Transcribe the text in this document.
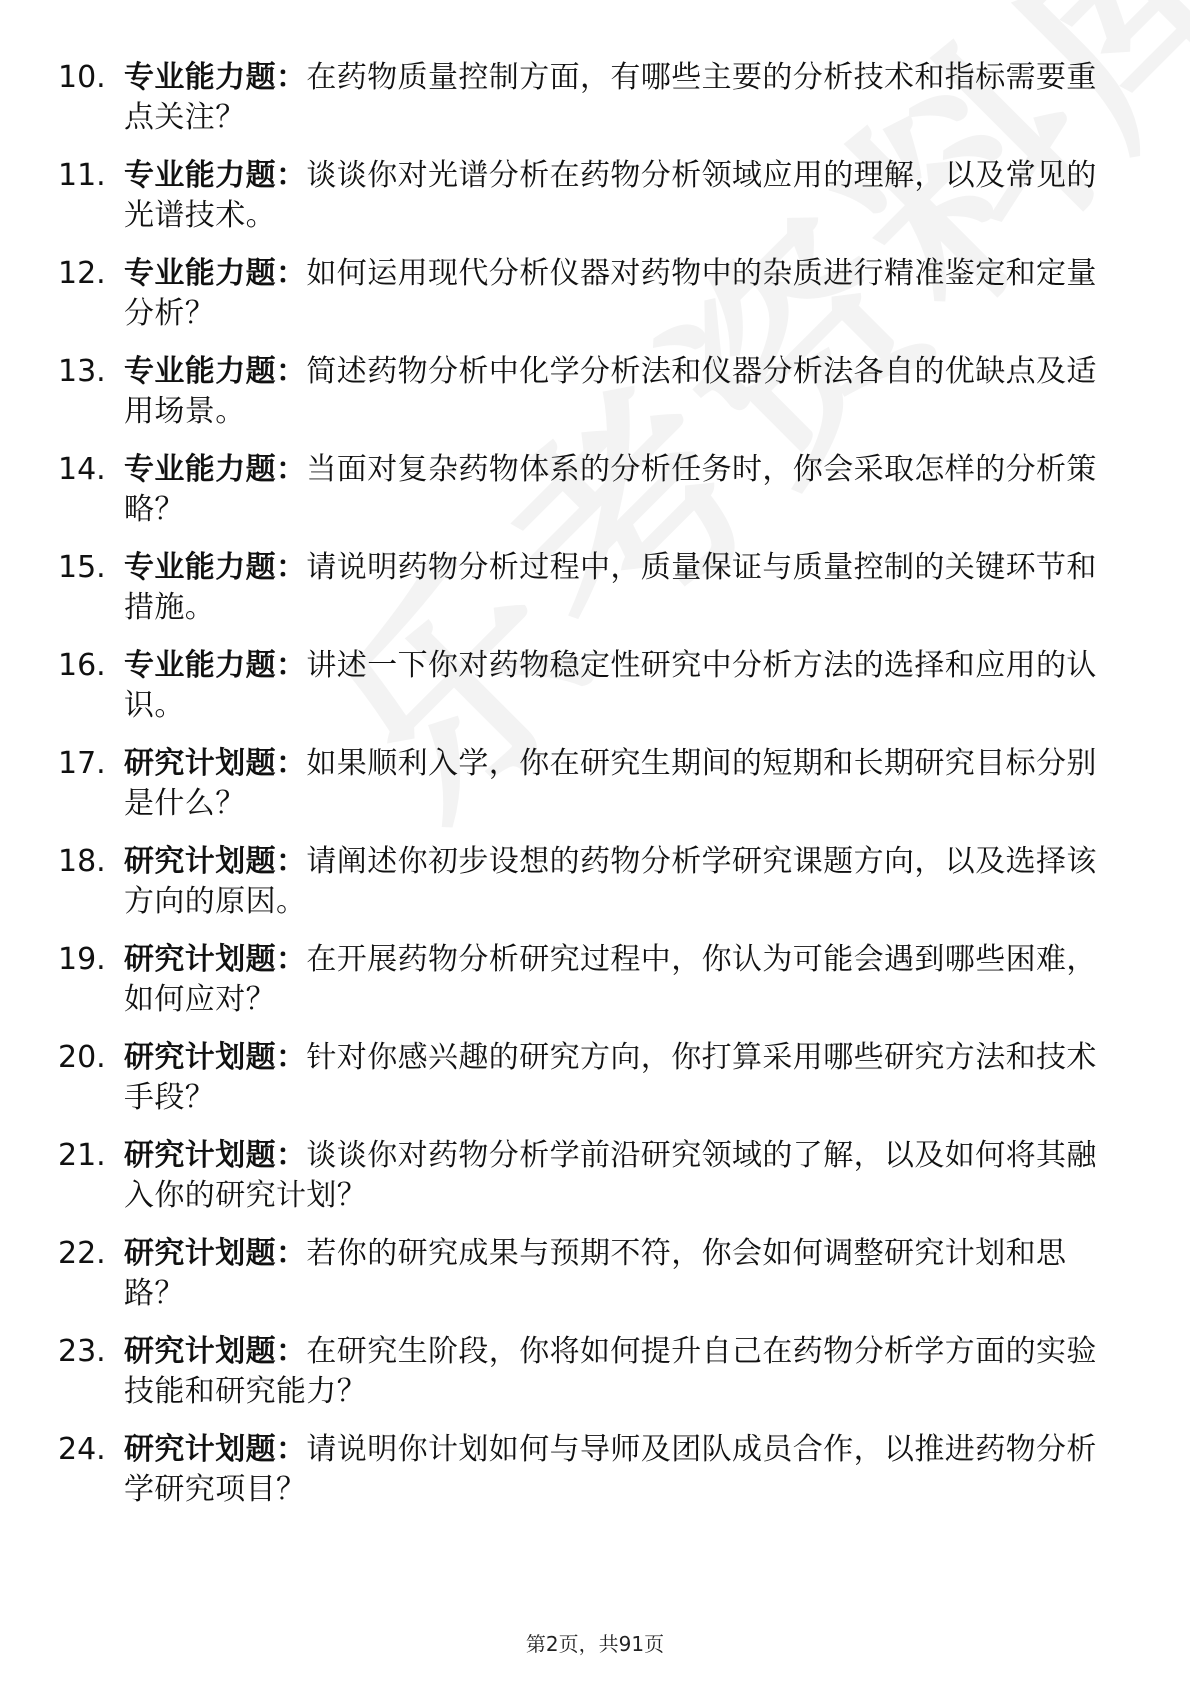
10. 专业能力题：在药物质量控制方面，有哪些主要的分析技术和指标需要重点关注？
11. 专业能力题：谈谈你对光谱分析在药物分析领域应用的理解，以及常见的光谱技术。
12. 专业能力题：如何运用现代分析仪器对药物中的杂质进行精准鉴定和定量分析？
13. 专业能力题：简述药物分析中化学分析法和仪器分析法各自的优缺点及适用场景。
14. 专业能力题：当面对复杂药物体系的分析任务时，你会采取怎样的分析策略？
15. 专业能力题：请说明药物分析过程中，质量保证与质量控制的关键环节和措施。
16. 专业能力题：讲述一下你对药物稳定性研究中分析方法的选择和应用的认识。
17. 研究计划题：如果顺利入学，你在研究生期间的短期和长期研究目标分别是什么？
18. 研究计划题：请阐述你初步设想的药物分析学研究课题方向，以及选择该方向的原因。
19. 研究计划题：在开展药物分析研究过程中，你认为可能会遇到哪些困难，如何应对？
20. 研究计划题：针对你感兴趣的研究方向，你打算采用哪些研究方法和技术手段？
21. 研究计划题：谈谈你对药物分析学前沿研究领域的了解，以及如何将其融入你的研究计划？
22. 研究计划题：若你的研究成果与预期不符，你会如何调整研究计划和思路？
23. 研究计划题：在研究生阶段，你将如何提升自己在药物分析学方面的实验技能和研究能力？
24. 研究计划题：请说明你计划如何与导师及团队成员合作，以推进药物分析学研究项目？
第2页，共91页
